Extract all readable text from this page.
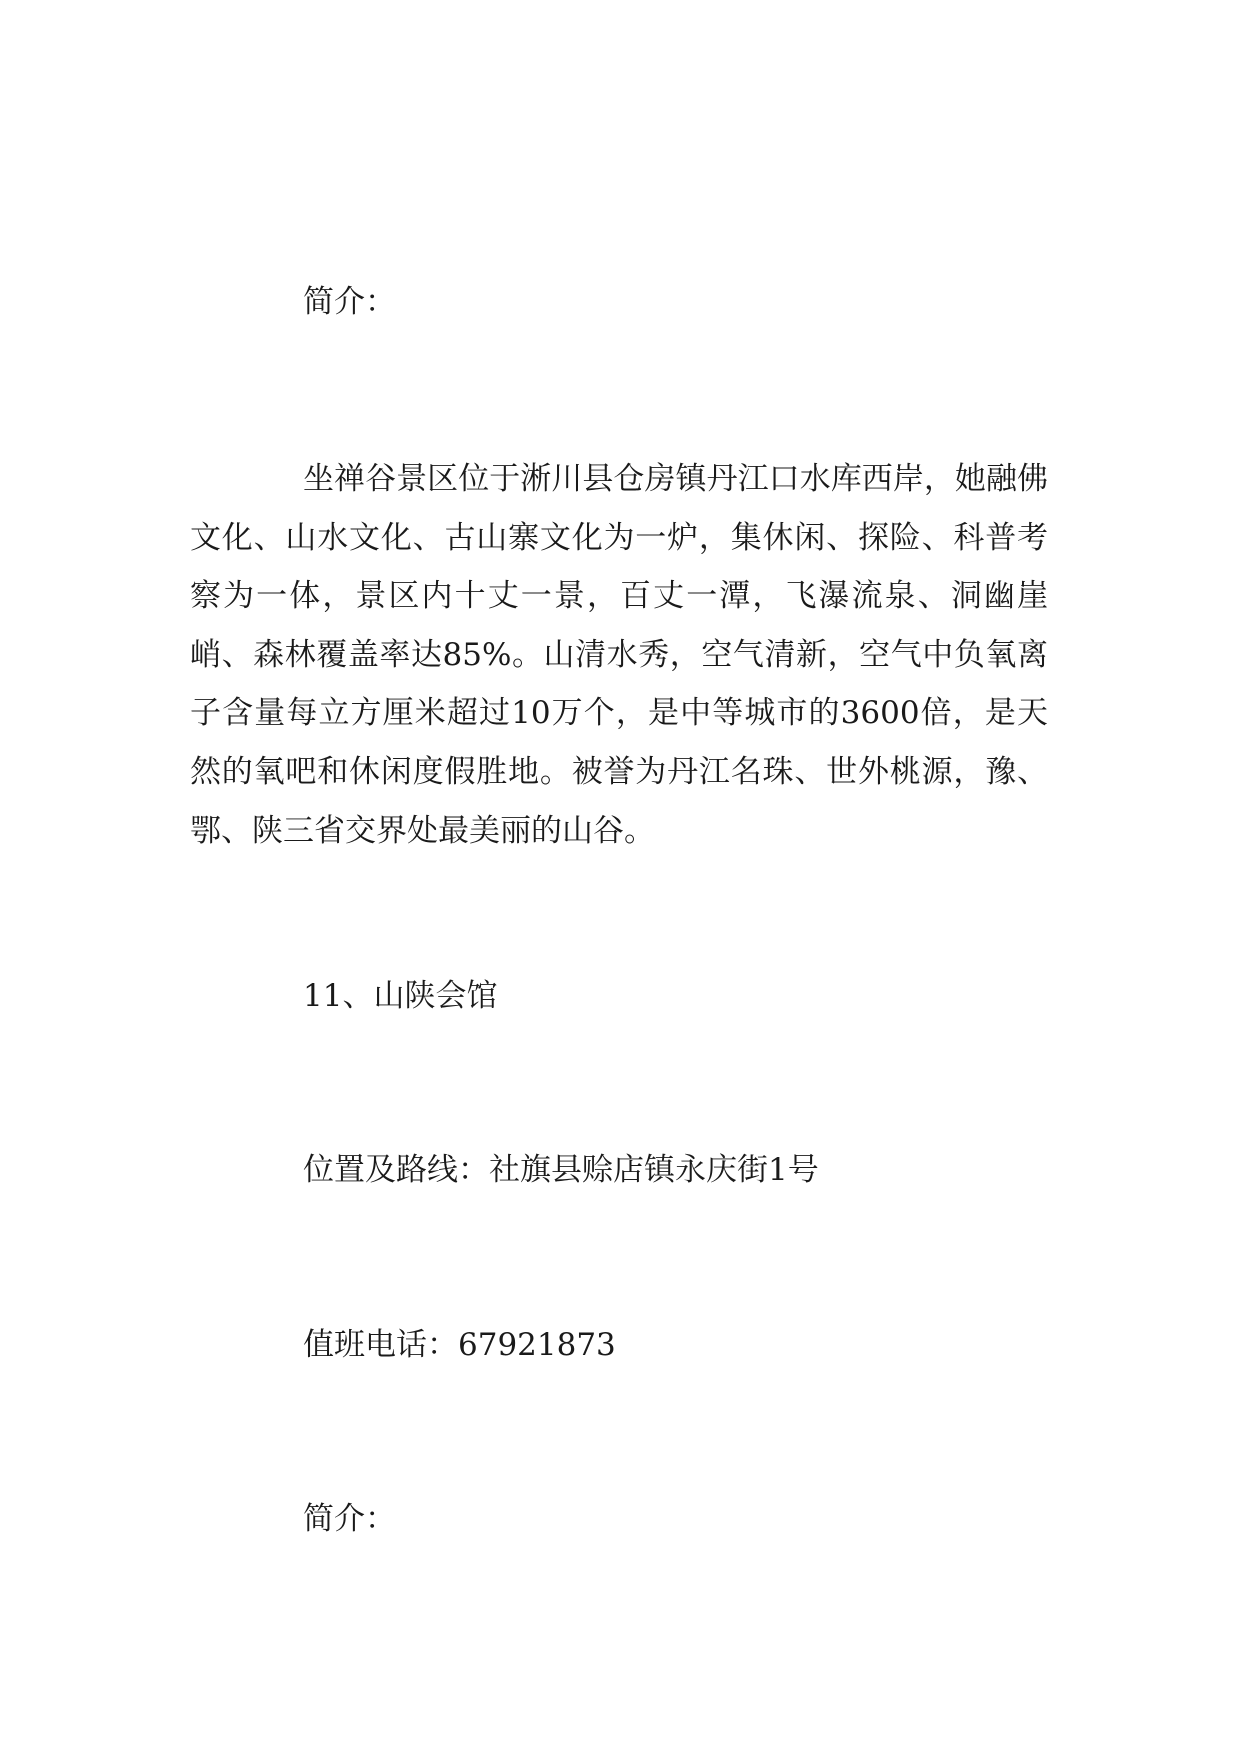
简介：

坐禅谷景区位于淅川县仓房镇丹江口水库西岸，她融佛文化、山水文化、古山寨文化为一炉，集休闲、探险、科普考察为一体，景区内十丈一景，百丈一潭，飞瀑流泉、洞幽崖峭、森林覆盖率达85%。山清水秀，空气清新，空气中负氧离子含量每立方厘米超过10万个，是中等城市的3600倍，是天然的氧吧和休闲度假胜地。被誉为丹江名珠、世外桃源，豫、鄂、陕三省交界处最美丽的山谷。

11、山陕会馆

位置及路线：社旗县赊店镇永庆街1号

值班电话：67921873

简介：
